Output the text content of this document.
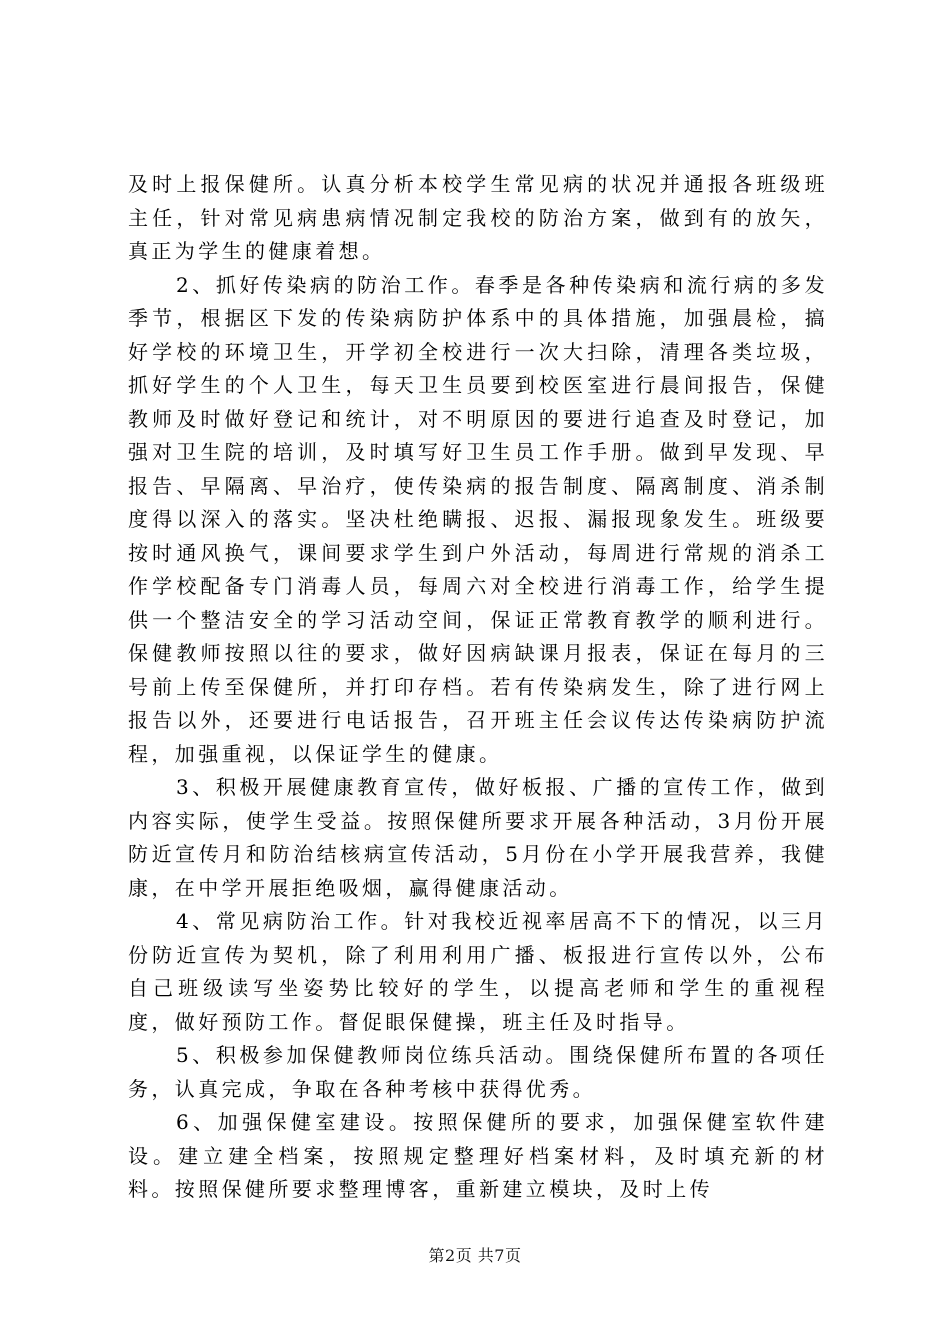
及时上报保健所。认真分析本校学生常见病的状况并通报各班级班主任，针对常见病患病情况制定我校的防治方案，做到有的放矢，真正为学生的健康着想。

2、抓好传染病的防治工作。春季是各种传染病和流行病的多发季节，根据区下发的传染病防护体系中的具体措施，加强晨检，搞好学校的环境卫生，开学初全校进行一次大扫除，清理各类垃圾，抓好学生的个人卫生，每天卫生员要到校医室进行晨间报告，保健教师及时做好登记和统计，对不明原因的要进行追查及时登记，加强对卫生院的培训，及时填写好卫生员工作手册。做到早发现、早报告、早隔离、早治疗，使传染病的报告制度、隔离制度、消杀制度得以深入的落实。坚决杜绝瞒报、迟报、漏报现象发生。班级要按时通风换气，课间要求学生到户外活动，每周进行常规的消杀工作学校配备专门消毒人员，每周六对全校进行消毒工作，给学生提供一个整洁安全的学习活动空间，保证正常教育教学的顺利进行。保健教师按照以往的要求，做好因病缺课月报表，保证在每月的三号前上传至保健所，并打印存档。若有传染病发生，除了进行网上报告以外，还要进行电话报告，召开班主任会议传达传染病防护流程，加强重视，以保证学生的健康。

3、积极开展健康教育宣传，做好板报、广播的宣传工作，做到内容实际，使学生受益。按照保健所要求开展各种活动，3月份开展防近宣传月和防治结核病宣传活动，5月份在小学开展我营养，我健康，在中学开展拒绝吸烟，赢得健康活动。

4、常见病防治工作。针对我校近视率居高不下的情况，以三月份防近宣传为契机，除了利用利用广播、板报进行宣传以外，公布自己班级读写坐姿势比较好的学生，以提高老师和学生的重视程度，做好预防工作。督促眼保健操，班主任及时指导。

5、积极参加保健教师岗位练兵活动。围绕保健所布置的各项任务，认真完成，争取在各种考核中获得优秀。

6、加强保健室建设。按照保健所的要求，加强保健室软件建设。建立建全档案，按照规定整理好档案材料，及时填充新的材料。按照保健所要求整理博客，重新建立模块，及时上传

第2页 共7页
